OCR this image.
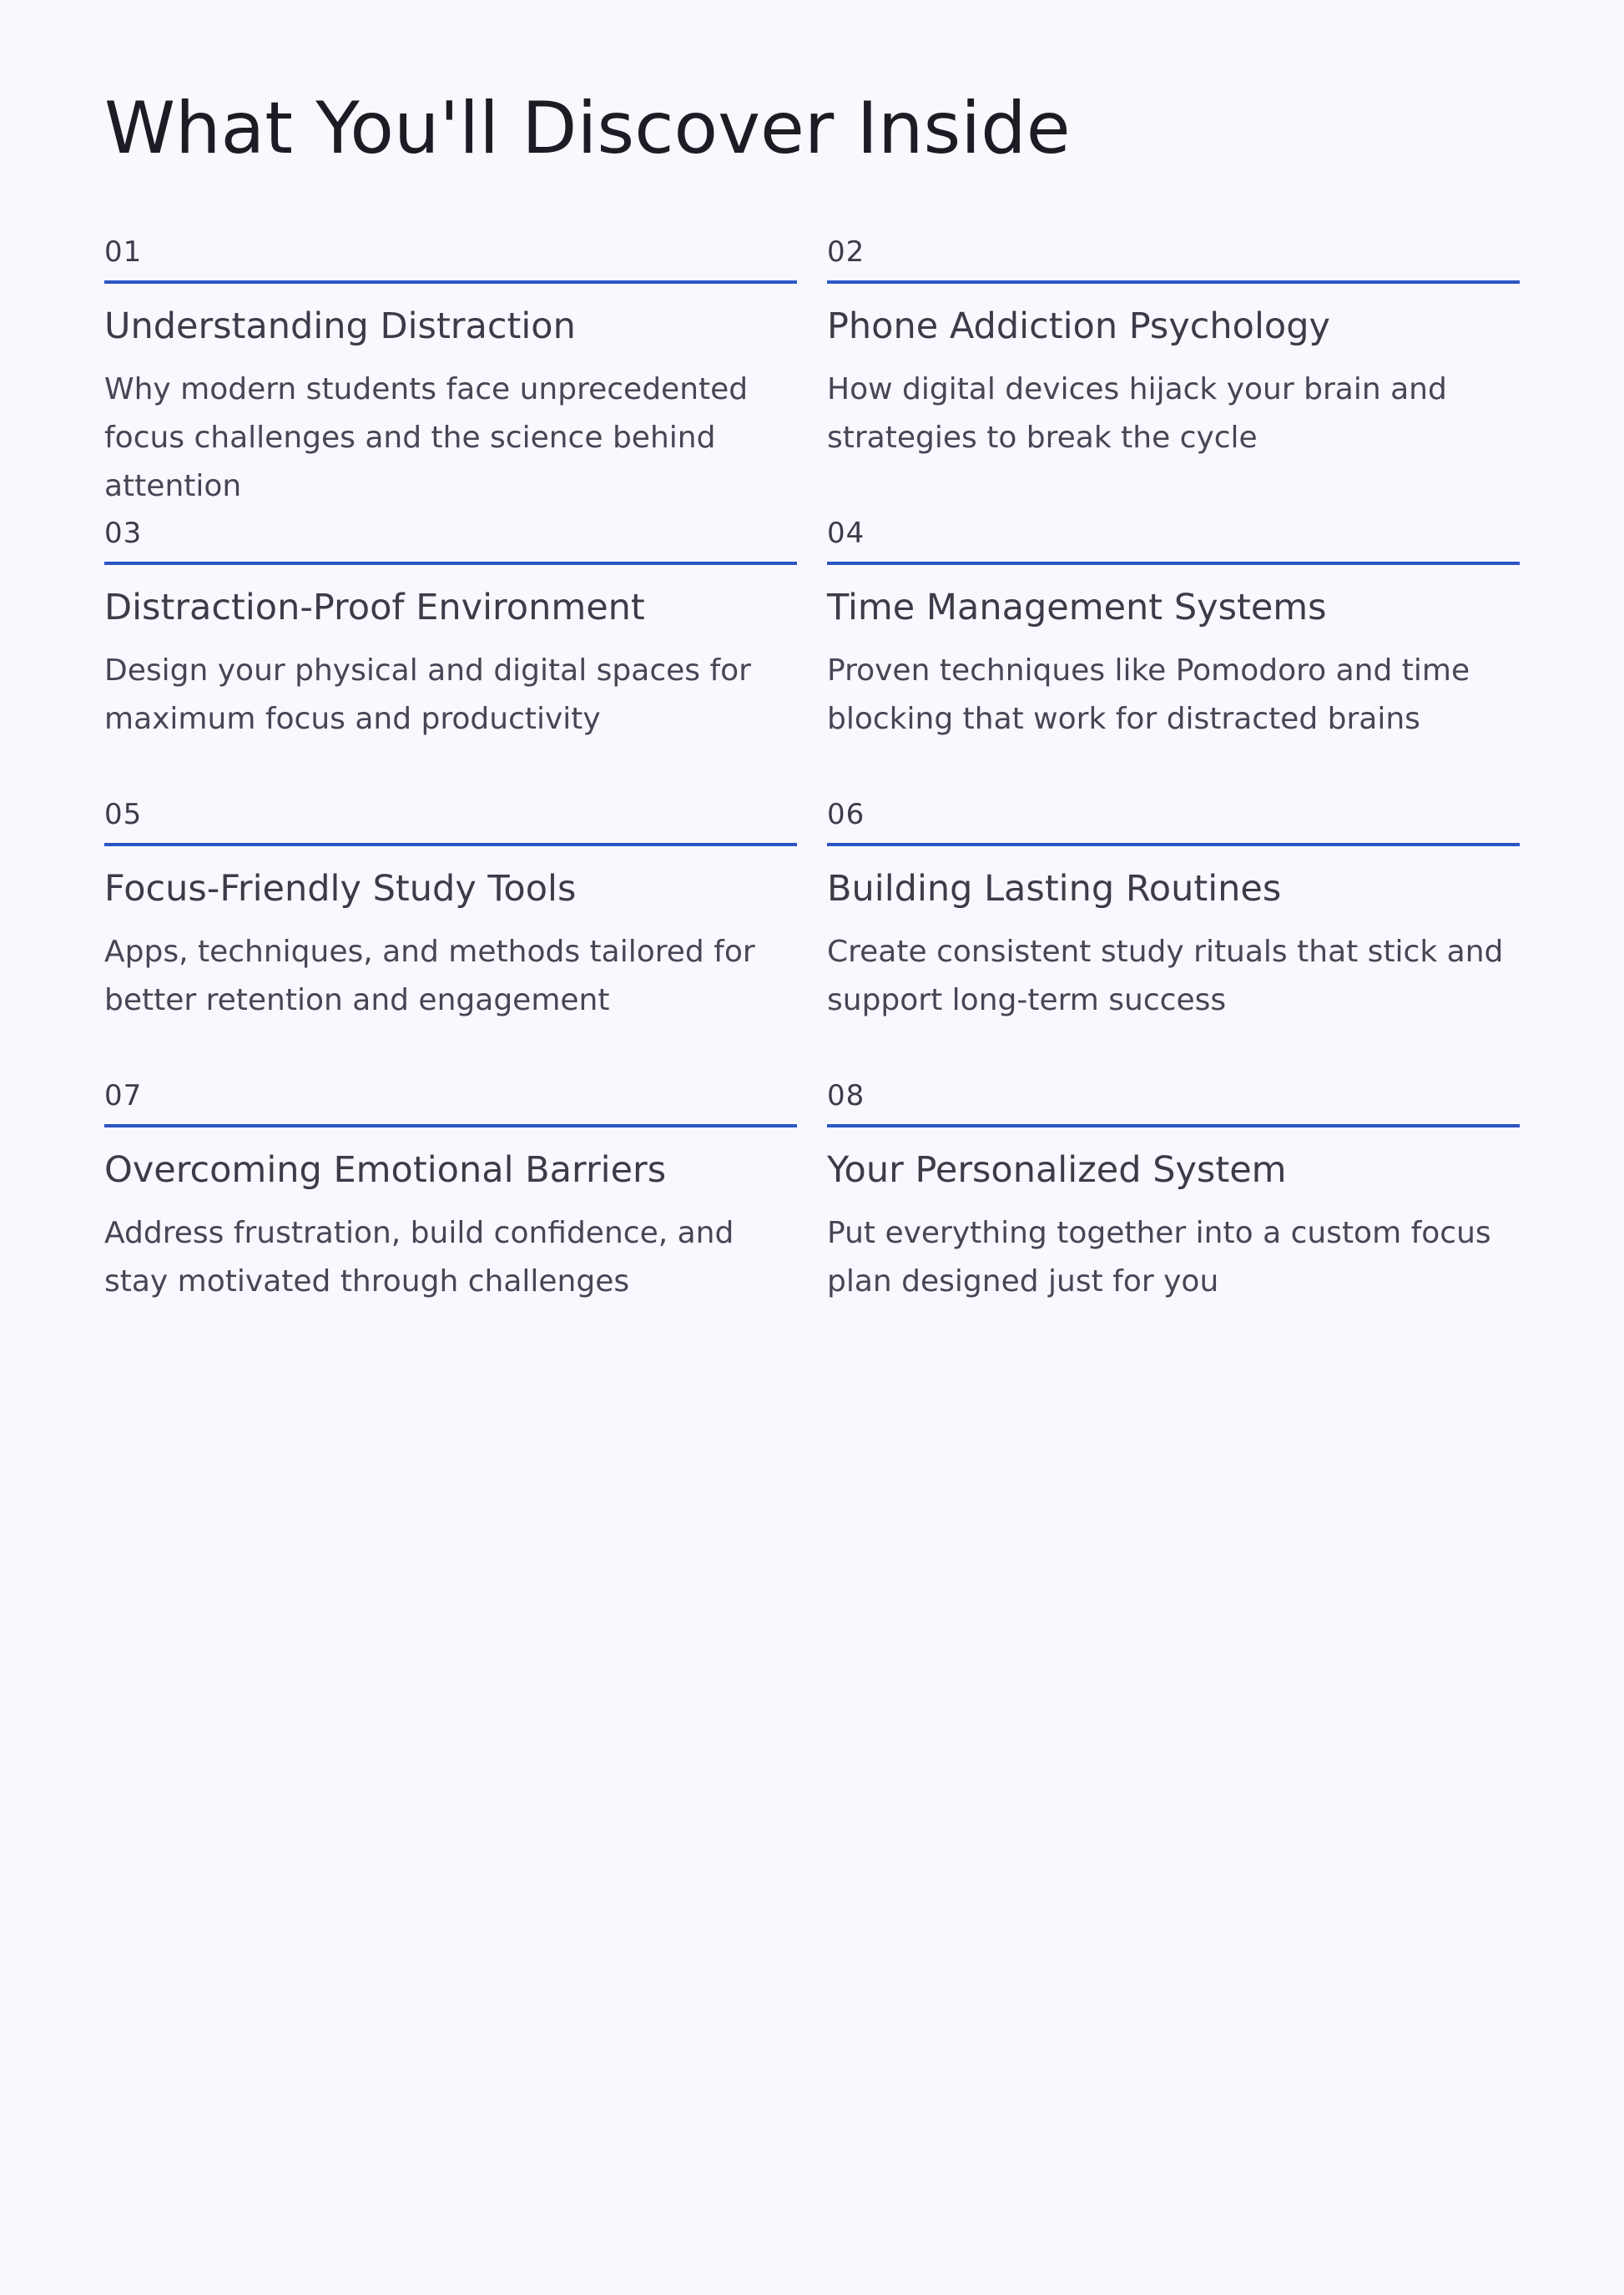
What You'll Discover Inside
01
Understanding Distraction

Why modern students face unprecedented focus challenges and the science behind attention

02
Phone Addiction Psychology

How digital devices hijack your brain and strategies to break the cycle

03
Distraction-Proof Environment

Design your physical and digital spaces for maximum focus and productivity

04
Time Management Systems

Proven techniques like Pomodoro and time blocking that work for distracted brains

05
Focus-Friendly Study Tools

Apps, techniques, and methods tailored for better retention and engagement

06
Building Lasting Routines

Create consistent study rituals that stick and support long-term success

07
Overcoming Emotional Barriers

Address frustration, build confidence, and stay motivated through challenges

08
Your Personalized System

Put everything together into a custom focus plan designed just for you
